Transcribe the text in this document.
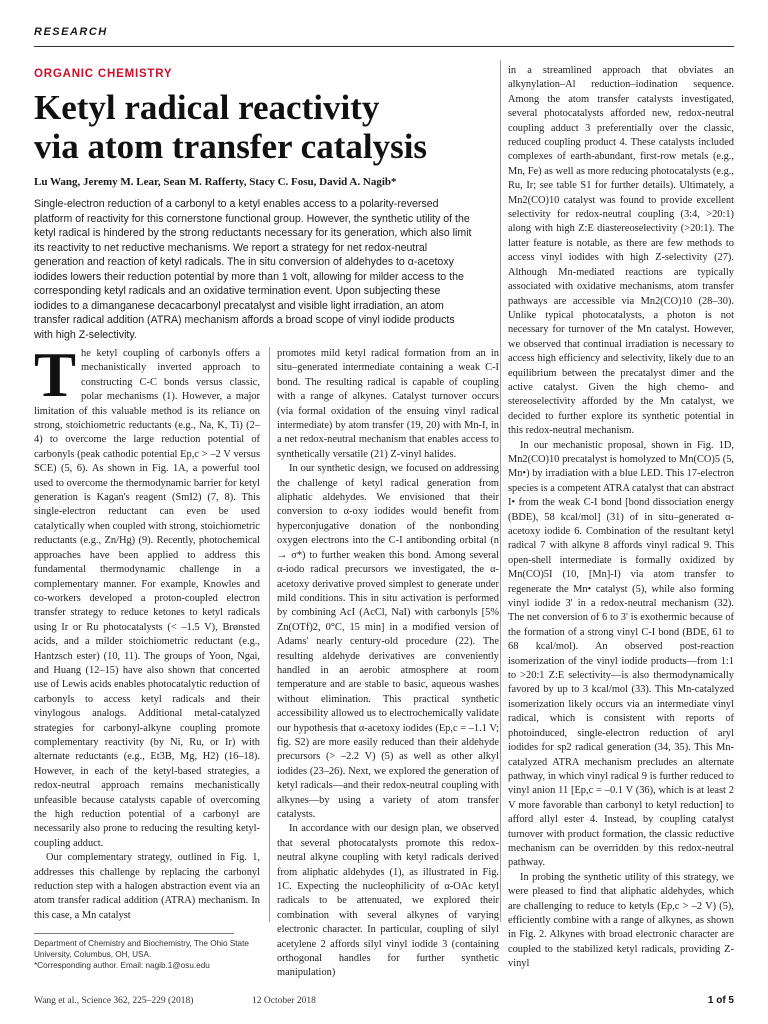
RESEARCH
ORGANIC CHEMISTRY
Ketyl radical reactivity
via atom transfer catalysis
Lu Wang, Jeremy M. Lear, Sean M. Rafferty, Stacy C. Fosu, David A. Nagib*

Single-electron reduction of a carbonyl to a ketyl enables access to a polarity-reversed platform of reactivity for this cornerstone functional group. However, the synthetic utility of the ketyl radical is hindered by the strong reductants necessary for its generation, which also limit its reactivity to net reductive mechanisms. We report a strategy for net redox-neutral generation and reaction of ketyl radicals. The in situ conversion of aldehydes to α-acetoxy iodides lowers their reduction potential by more than 1 volt, allowing for milder access to the corresponding ketyl radicals and an oxidative termination event. Upon subjecting these iodides to a dimanganese decacarbonyl precatalyst and visible light irradiation, an atom transfer radical addition (ATRA) mechanism affords a broad scope of vinyl iodide products with high Z-selectivity.

The ketyl coupling of carbonyls offers a mechanistically inverted approach to constructing C-C bonds versus classic, polar mechanisms (1). However, a major limitation of this valuable method is its reliance on strong, stoichiometric reductants (e.g., Na, K, Ti) (2–4) to overcome the large reduction potential of carbonyls (peak cathodic potential Ep,c > –2 V versus SCE) (5, 6). As shown in Fig. 1A, a powerful tool used to overcome the thermodynamic barrier for ketyl generation is Kagan's reagent (SmI2) (7, 8). This single-electron reductant can even be used catalytically when coupled with strong, stoichiometric reductants (e.g., Zn/Hg) (9). Recently, photochemical approaches have been applied to address this fundamental thermodynamic challenge in a complementary manner. For example, Knowles and co-workers developed a proton-coupled electron transfer strategy to reduce ketones to ketyl radicals using Ir or Ru photocatalysts (< –1.5 V), Brønsted acids, and a milder stoichiometric reductant (e.g., Hantzsch ester) (10, 11). The groups of Yoon, Ngai, and Huang (12–15) have also shown that concerted use of Lewis acids enables photocatalytic reduction of carbonyls to access ketyl radicals and their vinylogous analogs. Additional metal-catalyzed strategies for carbonyl-alkyne coupling promote complementary reactivity (by Ni, Ru, or Ir) with alternate reductants (e.g., Et3B, Mg, H2) (16–18). However, in each of the ketyl-based strategies, a redox-neutral approach remains mechanistically unfeasible because catalysts capable of overcoming the high reduction potential of a carbonyl are necessarily also prone to reducing the resulting ketyl-coupling adduct.

Our complementary strategy, outlined in Fig. 1, addresses this challenge by replacing the carbonyl reduction step with a halogen abstraction event via an atom transfer radical addition (ATRA) mechanism. In this case, a Mn catalyst

promotes mild ketyl radical formation from an in situ–generated intermediate containing a weak C-I bond. The resulting radical is capable of coupling with a range of alkynes. Catalyst turnover occurs (via formal oxidation of the ensuing vinyl radical intermediate) by atom transfer (19, 20) with Mn-I, in a net redox-neutral mechanism that enables access to synthetically versatile (21) Z-vinyl halides.

In our synthetic design, we focused on addressing the challenge of ketyl radical generation from aliphatic aldehydes. We envisioned that their conversion to α-oxy iodides would benefit from hyperconjugative donation of the nonbonding oxygen electrons into the C-I antibonding orbital (n → σ*) to further weaken this bond. Among several α-iodo radical precursors we investigated, the α-acetoxy derivative proved simplest to generate under mild conditions. This in situ activation is performed by combining AcI (AcCl, NaI) with carbonyls [5% Zn(OTf)2, 0°C, 15 min] in a modified version of Adams' nearly century-old procedure (22). The resulting aldehyde derivatives are conveniently handled in an aerobic atmosphere at room temperature and are stable to basic, aqueous washes without elimination. This practical synthetic accessibility allowed us to electrochemically validate our hypothesis that α-acetoxy iodides (Ep,c = –1.1 V; fig. S2) are more easily reduced than their aldehyde precursors (> –2.2 V) (5) as well as other alkyl iodides (23–26). Next, we explored the generation of ketyl radicals—and their redox-neutral coupling with alkynes—by using a variety of atom transfer catalysts.

In accordance with our design plan, we observed that several photocatalysts promote this redox-neutral alkyne coupling with ketyl radicals derived from aliphatic aldehydes (1), as illustrated in Fig. 1C. Expecting the nucleophilicity of α-OAc ketyl radicals to be attenuated, we explored their combination with several alkynes of varying electronic character. In particular, coupling of silyl acetylene 2 affords silyl vinyl iodide 3 (containing orthogonal handles for further synthetic manipulation)

in a streamlined approach that obviates an alkynylation–Al reduction–iodination sequence. Among the atom transfer catalysts investigated, several photocatalysts afforded new, redox-neutral coupling adduct 3 preferentially over the classic, reduced coupling product 4. These catalysts included complexes of earth-abundant, first-row metals (e.g., Mn, Fe) as well as more reducing photocatalysts (e.g., Ru, Ir; see table S1 for further details). Ultimately, a Mn2(CO)10 catalyst was found to provide excellent selectivity for redox-neutral coupling (3:4, >20:1) along with high Z:E diastereoselectivity (>20:1). The latter feature is notable, as there are few methods to access vinyl iodides with high Z-selectivity (27). Although Mn-mediated reactions are typically associated with oxidative mechanisms, atom transfer pathways are accessible via Mn2(CO)10 (28–30). Unlike typical photocatalysts, a photon is not necessary for turnover of the Mn catalyst. However, we observed that continual irradiation is necessary to access high efficiency and selectivity, likely due to an equilibrium between the precatalyst dimer and the active catalyst. Given the high chemo- and stereoselectivity afforded by the Mn catalyst, we decided to further explore its synthetic potential in this redox-neutral mechanism.

In our mechanistic proposal, shown in Fig. 1D, Mn2(CO)10 precatalyst is homolyzed to Mn(CO)5 (5, Mn•) by irradiation with a blue LED. This 17-electron species is a competent ATRA catalyst that can abstract I• from the weak C-I bond [bond dissociation energy (BDE), 58 kcal/mol] (31) of in situ–generated α-acetoxy iodide 6. Combination of the resultant ketyl radical 7 with alkyne 8 affords vinyl radical 9. This open-shell intermediate is formally oxidized by Mn(CO)5I (10, [Mn]-I) via atom transfer to regenerate the Mn• catalyst (5), while also forming vinyl iodide 3' in a redox-neutral mechanism (32). The net conversion of 6 to 3' is exothermic because of the formation of a strong vinyl C-I bond (BDE, 61 to 68 kcal/mol). An observed post-reaction isomerization of the vinyl iodide products—from 1:1 to >20:1 Z:E selectivity—is also thermodynamically favored by up to 3 kcal/mol (33). This Mn-catalyzed isomerization likely occurs via an intermediate vinyl radical, which is consistent with reports of photoinduced, single-electron reduction of aryl iodides for sp2 radical generation (34, 35). This Mn-catalyzed ATRA mechanism precludes an alternate pathway, in which vinyl radical 9 is further reduced to vinyl anion 11 [Ep,c = –0.1 V (36), which is at least 2 V more favorable than carbonyl to ketyl reduction] to afford allyl ester 4. Instead, by coupling catalyst turnover with product formation, the classic reductive mechanism can be overridden by this redox-neutral pathway.

In probing the synthetic utility of this strategy, we were pleased to find that aliphatic aldehydes, which are challenging to reduce to ketyls (Ep,c > –2 V) (5), efficiently combine with a range of alkynes, as shown in Fig. 2. Alkynes with broad electronic character are coupled to the stabilized ketyl radicals, providing Z-vinyl

Department of Chemistry and Biochemistry, The Ohio State University, Columbus, OH, USA.

*Corresponding author. Email: nagib.1@osu.edu

Wang et al., Science 362, 225–229 (2018)	12 October 2018	1 of 5
